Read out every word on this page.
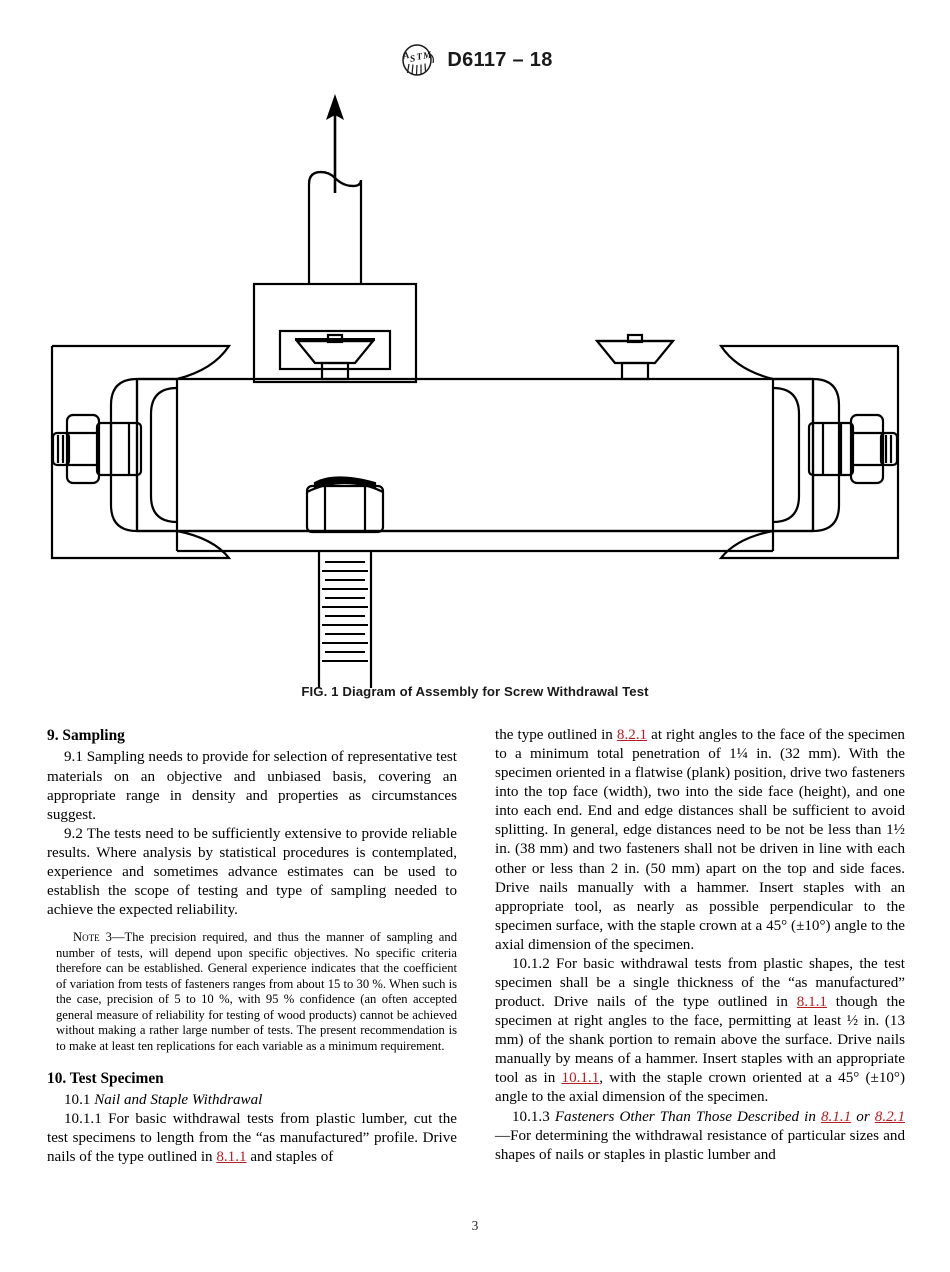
A S T M D6117 – 18
FIG. 1 Diagram of Assembly for Screw Withdrawal Test
9. Sampling

9.1 Sampling needs to provide for selection of representative test materials on an objective and unbiased basis, covering an appropriate range in density and properties as circumstances suggest.

9.2 The tests need to be sufficiently extensive to provide reliable results. Where analysis by statistical procedures is contemplated, experience and sometimes advance estimates can be used to establish the scope of testing and type of sampling needed to achieve the expected reliability.

Note 3—The precision required, and thus the manner of sampling and number of tests, will depend upon specific objectives. No specific criteria therefore can be established. General experience indicates that the coefficient of variation from tests of fasteners ranges from about 15 to 30 %. When such is the case, precision of 5 to 10 %, with 95 % confidence (an often accepted general measure of reliability for testing of wood products) cannot be achieved without making a rather large number of tests. The present recommendation is to make at least ten replications for each variable as a minimum requirement.

10. Test Specimen

10.1 Nail and Staple Withdrawal

10.1.1 For basic withdrawal tests from plastic lumber, cut the test specimens to length from the “as manufactured” profile. Drive nails of the type outlined in 8.1.1 and staples of

the type outlined in 8.2.1 at right angles to the face of the specimen to a minimum total penetration of 1¼ in. (32 mm). With the specimen oriented in a flatwise (plank) position, drive two fasteners into the top face (width), two into the side face (height), and one into each end. End and edge distances shall be sufficient to avoid splitting. In general, edge distances need to be not be less than 1½ in. (38 mm) and two fasteners shall not be driven in line with each other or less than 2 in. (50 mm) apart on the top and side faces. Drive nails manually with a hammer. Insert staples with an appropriate tool, as nearly as possible perpendicular to the specimen surface, with the staple crown at a 45° (±10°) angle to the axial dimension of the specimen.

10.1.2 For basic withdrawal tests from plastic shapes, the test specimen shall be a single thickness of the “as manufactured” product. Drive nails of the type outlined in 8.1.1 though the specimen at right angles to the face, permitting at least ½ in. (13 mm) of the shank portion to remain above the surface. Drive nails manually by means of a hammer. Insert staples with an appropriate tool as in 10.1.1, with the staple crown oriented at a 45° (±10°) angle to the axial dimension of the specimen.

10.1.3 Fasteners Other Than Those Described in 8.1.1 or 8.2.1—For determining the withdrawal resistance of particular sizes and shapes of nails or staples in plastic lumber and

3
